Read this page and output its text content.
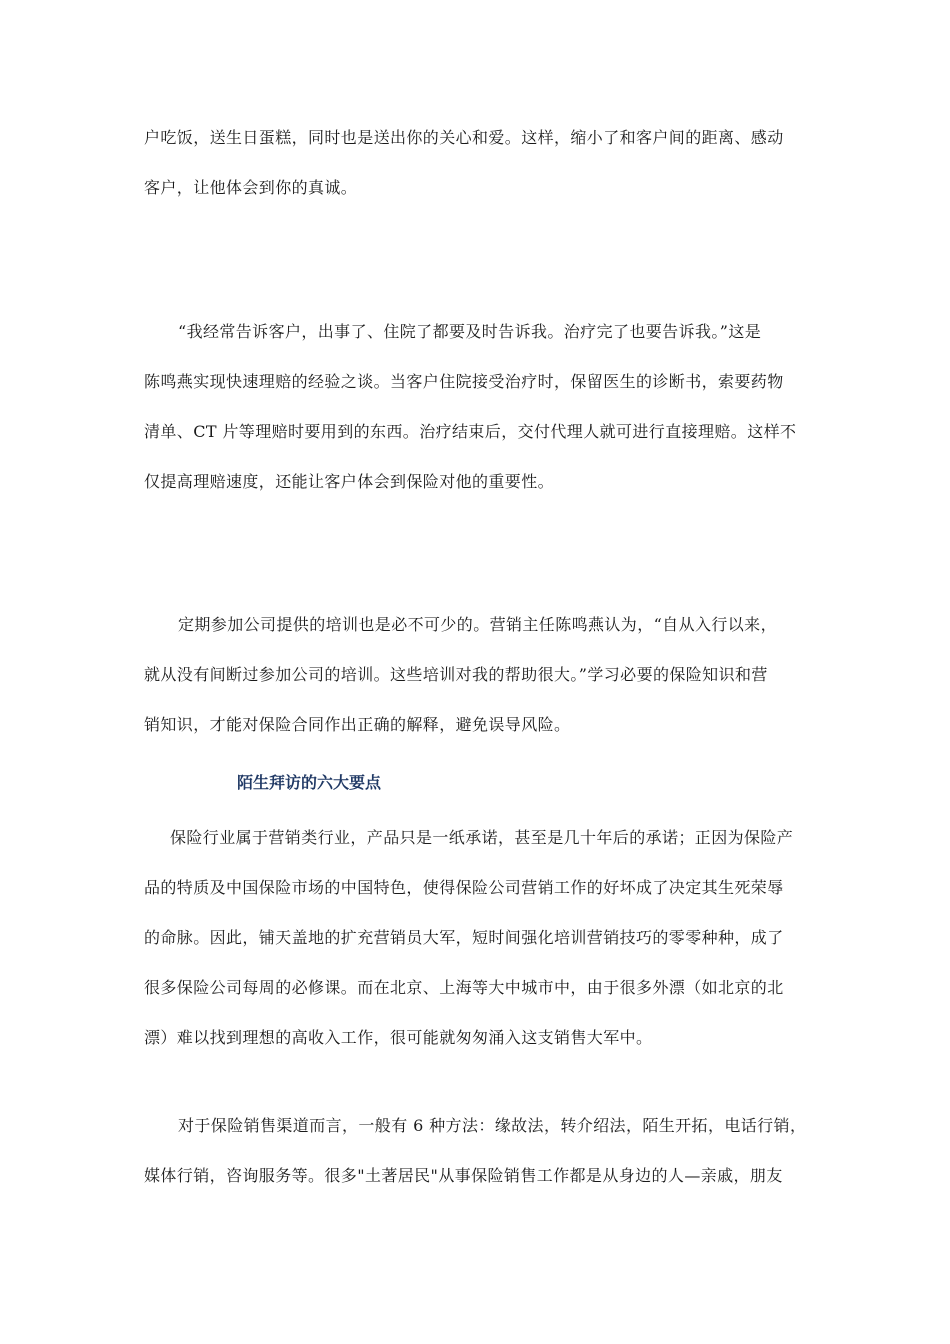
户吃饭，送生日蛋糕，同时也是送出你的关心和爱。这样，缩小了和客户间的距离、感动
客户，让他体会到你的真诚。
“我经常告诉客户，出事了、住院了都要及时告诉我。治疗完了也要告诉我。”这是
陈鸣燕实现快速理赔的经验之谈。当客户住院接受治疗时，保留医生的诊断书，索要药物
清单、CT 片等理赔时要用到的东西。治疗结束后，交付代理人就可进行直接理赔。这样不
仅提高理赔速度，还能让客户体会到保险对他的重要性。
定期参加公司提供的培训也是必不可少的。营销主任陈鸣燕认为，“自从入行以来，
就从没有间断过参加公司的培训。这些培训对我的帮助很大。”学习必要的保险知识和营
销知识，才能对保险合同作出正确的解释，避免误导风险。
陌生拜访的六大要点
保险行业属于营销类行业，产品只是一纸承诺，甚至是几十年后的承诺；正因为保险产
品的特质及中国保险市场的中国特色，使得保险公司营销工作的好坏成了决定其生死荣辱
的命脉。因此，铺天盖地的扩充营销员大军，短时间强化培训营销技巧的零零种种，成了
很多保险公司每周的必修课。而在北京、上海等大中城市中，由于很多外漂（如北京的北
漂）难以找到理想的高收入工作，很可能就匆匆涌入这支销售大军中。
对于保险销售渠道而言，一般有 6 种方法：缘故法，转介绍法，陌生开拓，电话行销，
媒体行销，咨询服务等。很多"土著居民"从事保险销售工作都是从身边的人—亲戚，朋友
